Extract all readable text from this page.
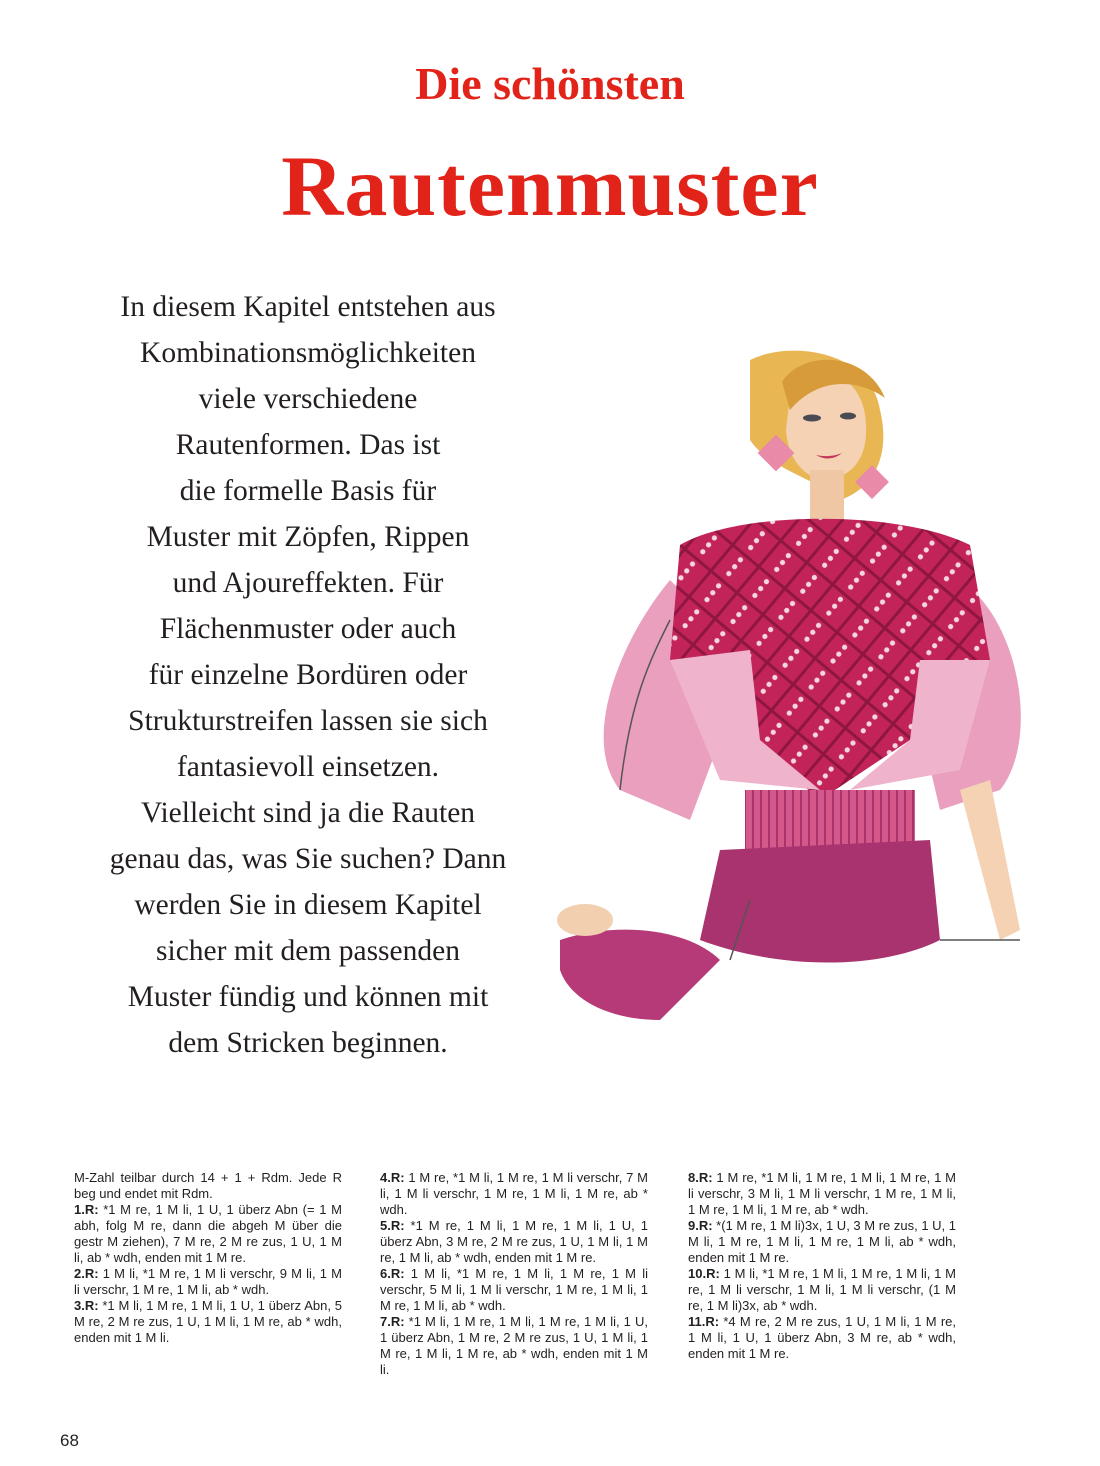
Die schönsten
Rautenmuster
In diesem Kapitel entstehen aus
Kombinationsmöglichkeiten
viele verschiedene
Rautenformen. Das ist
die formelle Basis für
Muster mit Zöpfen, Rippen
und Ajoureffekten. Für
Flächenmuster oder auch
für einzelne Bordüren oder
Strukturstreifen lassen sie sich
fantasievoll einsetzen.
Vielleicht sind ja die Rauten
genau das, was Sie suchen? Dann
werden Sie in diesem Kapitel
sicher mit dem passenden
Muster fündig und können mit
dem Stricken beginnen.

M-Zahl teilbar durch 14 + 1 + Rdm. Jede R beg und endet mit Rdm.

1.R: *1 M re, 1 M li, 1 U, 1 überz Abn (= 1 M abh, folg M re, dann die abgeh M über die gestr M ziehen), 7 M re, 2 M re zus, 1 U, 1 M li, ab * wdh, enden mit 1 M re.

2.R: 1 M li, *1 M re, 1 M li verschr, 9 M li, 1 M li verschr, 1 M re, 1 M li, ab * wdh.

3.R: *1 M li, 1 M re, 1 M li, 1 U, 1 überz Abn, 5 M re, 2 M re zus, 1 U, 1 M li, 1 M re, ab * wdh, enden mit 1 M li.

4.R: 1 M re, *1 M li, 1 M re, 1 M li verschr, 7 M li, 1 M li verschr, 1 M re, 1 M li, 1 M re, ab * wdh.

5.R: *1 M re, 1 M li, 1 M re, 1 M li, 1 U, 1 überz Abn, 3 M re, 2 M re zus, 1 U, 1 M li, 1 M re, 1 M li, ab * wdh, enden mit 1 M re.

6.R: 1 M li, *1 M re, 1 M li, 1 M re, 1 M li verschr, 5 M li, 1 M li verschr, 1 M re, 1 M li, 1 M re, 1 M li, ab * wdh.

7.R: *1 M li, 1 M re, 1 M li, 1 M re, 1 M li, 1 U, 1 überz Abn, 1 M re, 2 M re zus, 1 U, 1 M li, 1 M re, 1 M li, 1 M re, ab * wdh, enden mit 1 M li.

8.R: 1 M re, *1 M li, 1 M re, 1 M li, 1 M re, 1 M li verschr, 3 M li, 1 M li verschr, 1 M re, 1 M li, 1 M re, 1 M li, 1 M re, ab * wdh.

9.R: *(1 M re, 1 M li)3x, 1 U, 3 M re zus, 1 U, 1 M li, 1 M re, 1 M li, 1 M re, 1 M li, ab * wdh, enden mit 1 M re.

10.R: 1 M li, *1 M re, 1 M li, 1 M re, 1 M li, 1 M re, 1 M li verschr, 1 M li, 1 M li verschr, (1 M re, 1 M li)3x, ab * wdh.

11.R: *4 M re, 2 M re zus, 1 U, 1 M li, 1 M re, 1 M li, 1 U, 1 überz Abn, 3 M re, ab * wdh, enden mit 1 M re.

68
